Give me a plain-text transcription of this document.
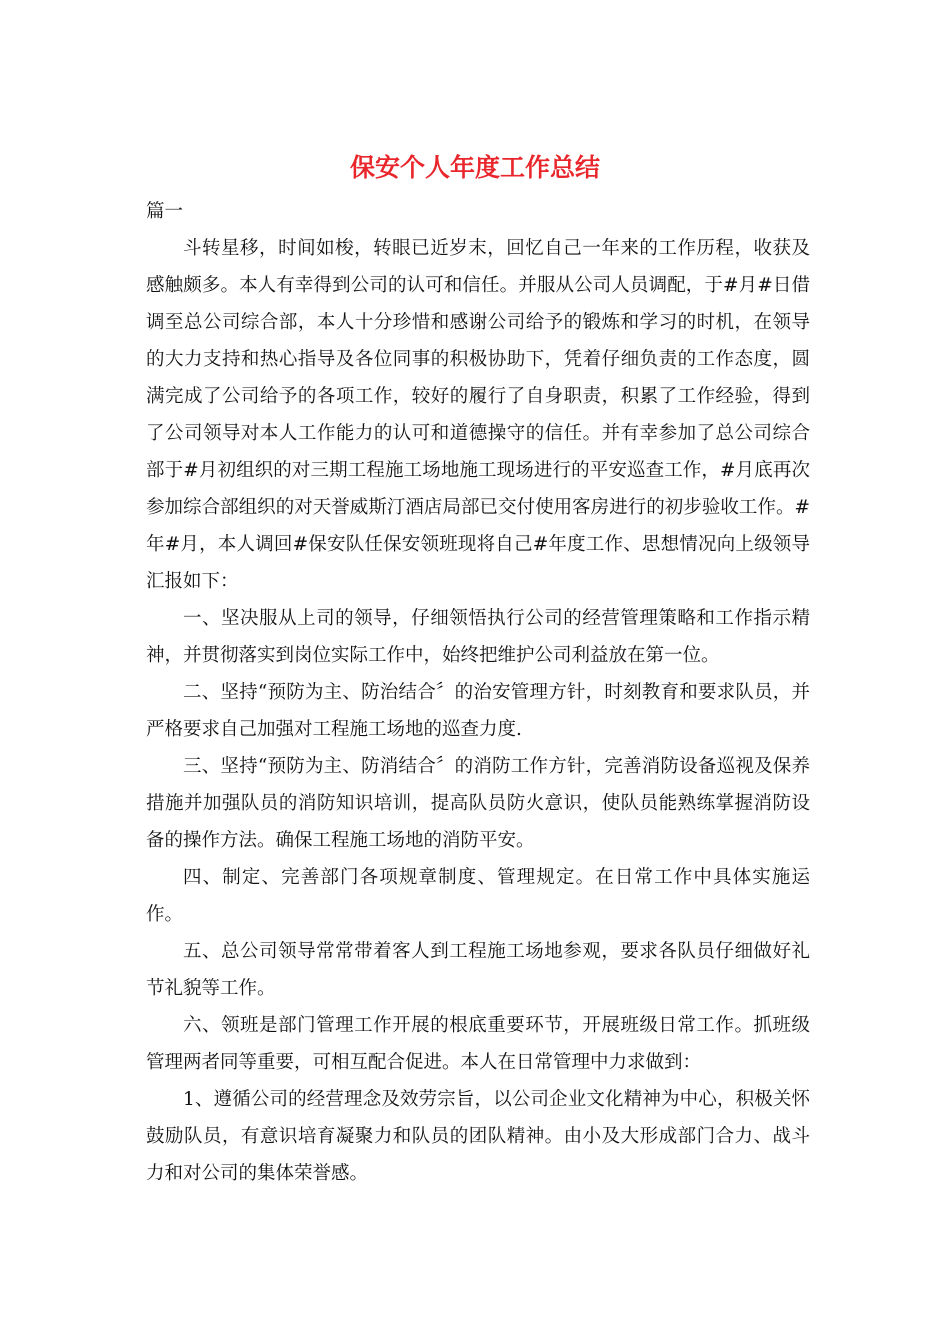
保安个人年度工作总结
篇一

斗转星移，时间如梭，转眼已近岁末，回忆自己一年来的工作历程，收获及感触颇多。本人有幸得到公司的认可和信任。并服从公司人员调配，于#月#日借调至总公司综合部，本人十分珍惜和感谢公司给予的锻炼和学习的时机，在领导的大力支持和热心指导及各位同事的积极协助下，凭着仔细负责的工作态度，圆满完成了公司给予的各项工作，较好的履行了自身职责，积累了工作经验，得到了公司领导对本人工作能力的认可和道德操守的信任。并有幸参加了总公司综合部于#月初组织的对三期工程施工场地施工现场进行的平安巡查工作，#月底再次参加综合部组织的对天誉威斯汀酒店局部已交付使用客房进行的初步验收工作。#年#月，本人调回#保安队任保安领班现将自己#年度工作、思想情况向上级领导汇报如下：

一、坚决服从上司的领导，仔细领悟执行公司的经营管理策略和工作指示精神，并贯彻落实到岗位实际工作中，始终把维护公司利益放在第一位。

二、坚持“预防为主、防治结合〞的治安管理方针，时刻教育和要求队员，并严格要求自己加强对工程施工场地的巡查力度.

三、坚持“预防为主、防消结合〞的消防工作方针，完善消防设备巡视及保养措施并加强队员的消防知识培训，提高队员防火意识，使队员能熟练掌握消防设备的操作方法。确保工程施工场地的消防平安。

四、制定、完善部门各项规章制度、管理规定。在日常工作中具体实施运作。

五、总公司领导常常带着客人到工程施工场地参观，要求各队员仔细做好礼节礼貌等工作。

六、领班是部门管理工作开展的根底重要环节，开展班级日常工作。抓班级管理两者同等重要，可相互配合促进。本人在日常管理中力求做到：

1、遵循公司的经营理念及效劳宗旨，以公司企业文化精神为中心，积极关怀鼓励队员，有意识培育凝聚力和队员的团队精神。由小及大形成部门合力、战斗力和对公司的集体荣誉感。
